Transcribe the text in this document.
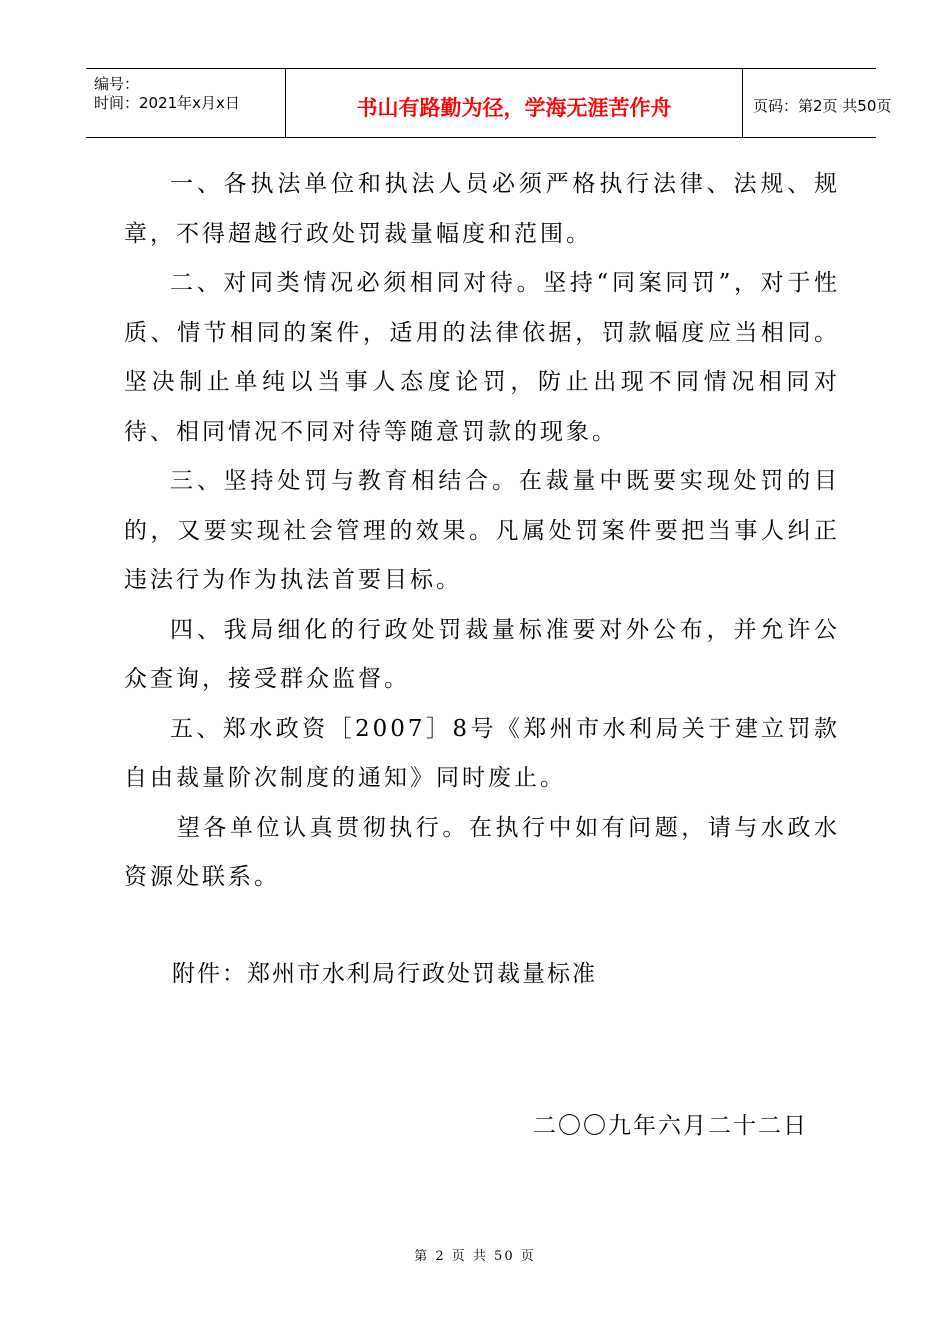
编号：
时间：2021年x月x日	书山有路勤为径，学海无涯苦作舟	页码：第2页 共50页

一、各执法单位和执法人员必须严格执行法律、法规、规章，不得超越行政处罚裁量幅度和范围。

二、对同类情况必须相同对待。坚持“同案同罚”，对于性质、情节相同的案件，适用的法律依据，罚款幅度应当相同。坚决制止单纯以当事人态度论罚，防止出现不同情况相同对待、相同情况不同对待等随意罚款的现象。

三、坚持处罚与教育相结合。在裁量中既要实现处罚的目的，又要实现社会管理的效果。凡属处罚案件要把当事人纠正违法行为作为执法首要目标。

四、我局细化的行政处罚裁量标准要对外公布，并允许公众查询，接受群众监督。

五、郑水政资［2007］8号《郑州市水利局关于建立罚款自由裁量阶次制度的通知》同时废止。

望各单位认真贯彻执行。在执行中如有问题，请与水政水资源处联系。

附件：郑州市水利局行政处罚裁量标准
二〇〇九年六月二十二日
第 2 页 共 50 页
